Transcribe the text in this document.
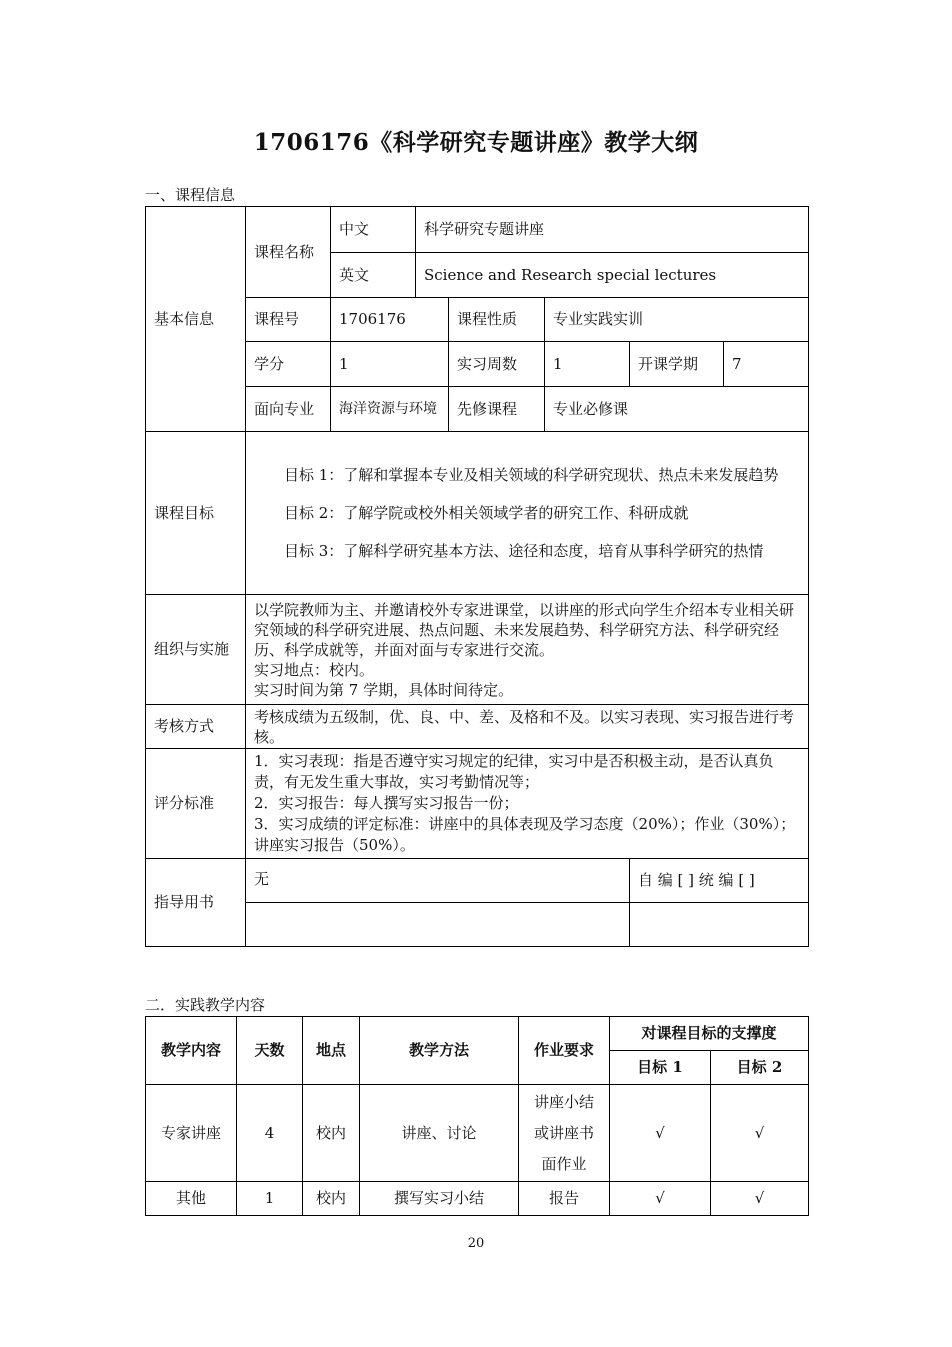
1706176《科学研究专题讲座》教学大纲
一、课程信息
基本信息	课程名称	中文	科学研究专题讲座				
		英文	Science and Research special lectures				
	课程号	1706176		课程性质	专业实践实训		
	学分	1		实习周数	1	开课学期	7
	面向专业	海洋资源与环境		先修课程	专业必修课		
课程目标	目标 1：了解和掌握本专业及相关领域的科学研究现状、热点未来发展趋势

目标 2：了解学院或校外相关领域学者的研究工作、科研成就

目标 3：了解科学研究基本方法、途径和态度，培育从事科学研究的热情						

组织与实施	以学院教师为主、并邀请校外专家进课堂，以讲座的形式向学生介绍本专业相关研究领域的科学研究进展、热点问题、未来发展趋势、科学研究方法、科学研究经历、科学成就等，并面对面与专家进行交流。
实习地点：校内。
实习时间为第 7 学期，具体时间待定。						

考核方式	考核成绩为五级制，优、良、中、差、及格和不及。以实习表现、实习报告进行考核。						
评分标准	1．实习表现：指是否遵守实习规定的纪律，实习中是否积极主动，是否认真负责，有无发生重大事故，实习考勤情况等；
2．实习报告：每人撰写实习报告一份；
3．实习成绩的评定标准：讲座中的具体表现及学习态度（20%）；作业（30%）；讲座实习报告（50%）。						

指导用书	无					自 编 [ ] 统 编 [ ]	

二．实践教学内容
教学内容	天数	地点	教学方法	作业要求	对课程目标的支撑度	
					目标 1	目标 2
专家讲座	4	校内	讲座、讨论	讲座小结或讲座书面作业	√	√
其他	1	校内	撰写实习小结	报告	√	√
20
